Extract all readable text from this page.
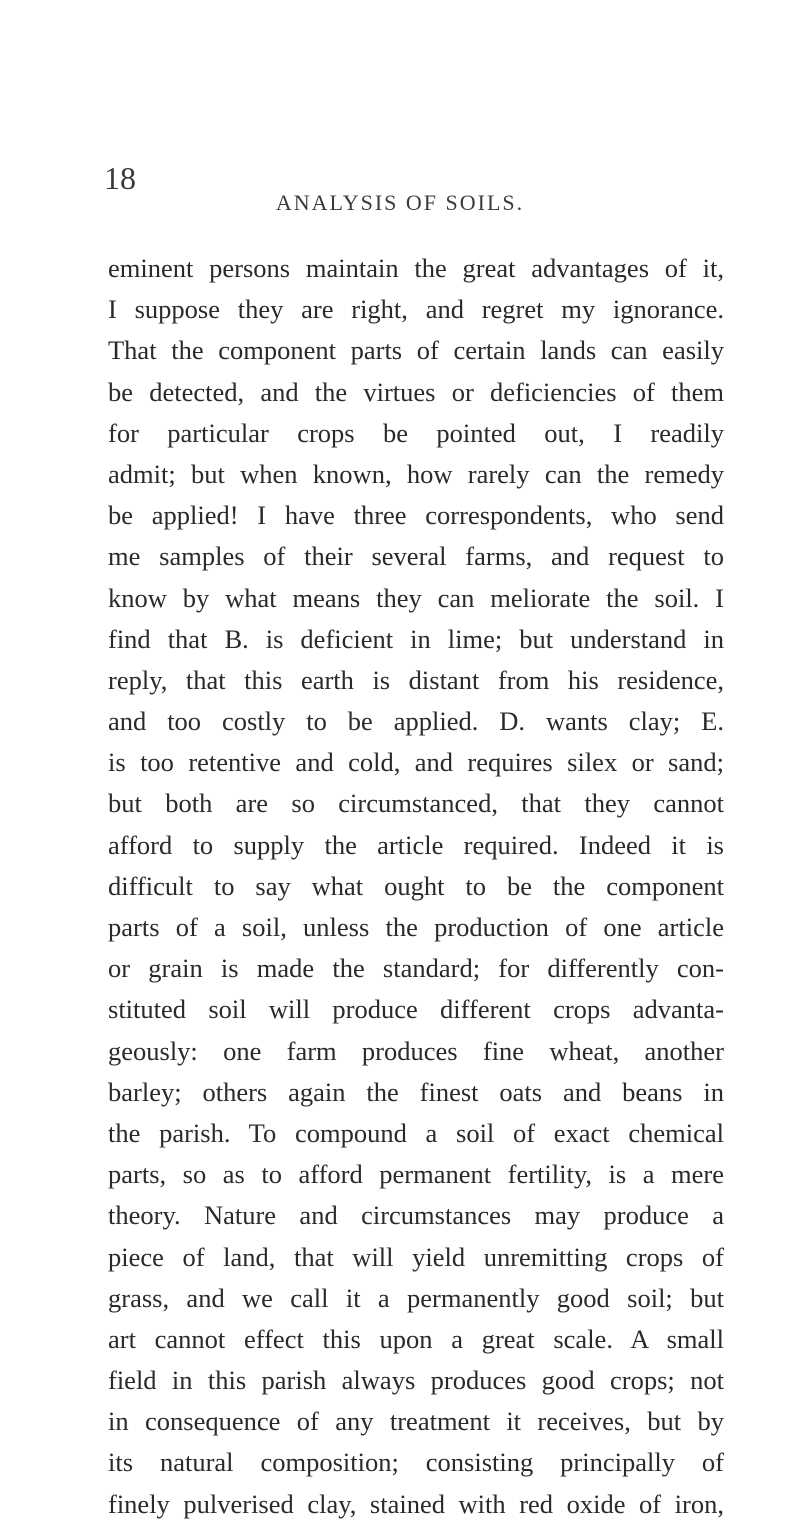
18
ANALYSIS OF SOILS.
eminent persons maintain the great advantages of it,
I suppose they are right, and regret my ignorance.
That the component parts of certain lands can easily
be detected, and the virtues or deficiencies of them
for particular crops be pointed out, I readily
admit; but when known, how rarely can the remedy
be applied! I have three correspondents, who send
me samples of their several farms, and request to
know by what means they can meliorate the soil. I
find that B. is deficient in lime; but understand in
reply, that this earth is distant from his residence,
and too costly to be applied. D. wants clay; E.
is too retentive and cold, and requires silex or sand;
but both are so circumstanced, that they cannot
afford to supply the article required. Indeed it is
difficult to say what ought to be the component
parts of a soil, unless the production of one article
or grain is made the standard; for differently con-
stituted soil will produce different crops advanta-
geously: one farm produces fine wheat, another
barley; others again the finest oats and beans in
the parish. To compound a soil of exact chemical
parts, so as to afford permanent fertility, is a mere
theory. Nature and circumstances may produce a
piece of land, that will yield unremitting crops of
grass, and we call it a permanently good soil; but
art cannot effect this upon a great scale. A small
field in this parish always produces good crops; not
in consequence of any treatment it receives, but by
its natural composition; consisting principally of
finely pulverised clay, stained with red oxide of iron,
